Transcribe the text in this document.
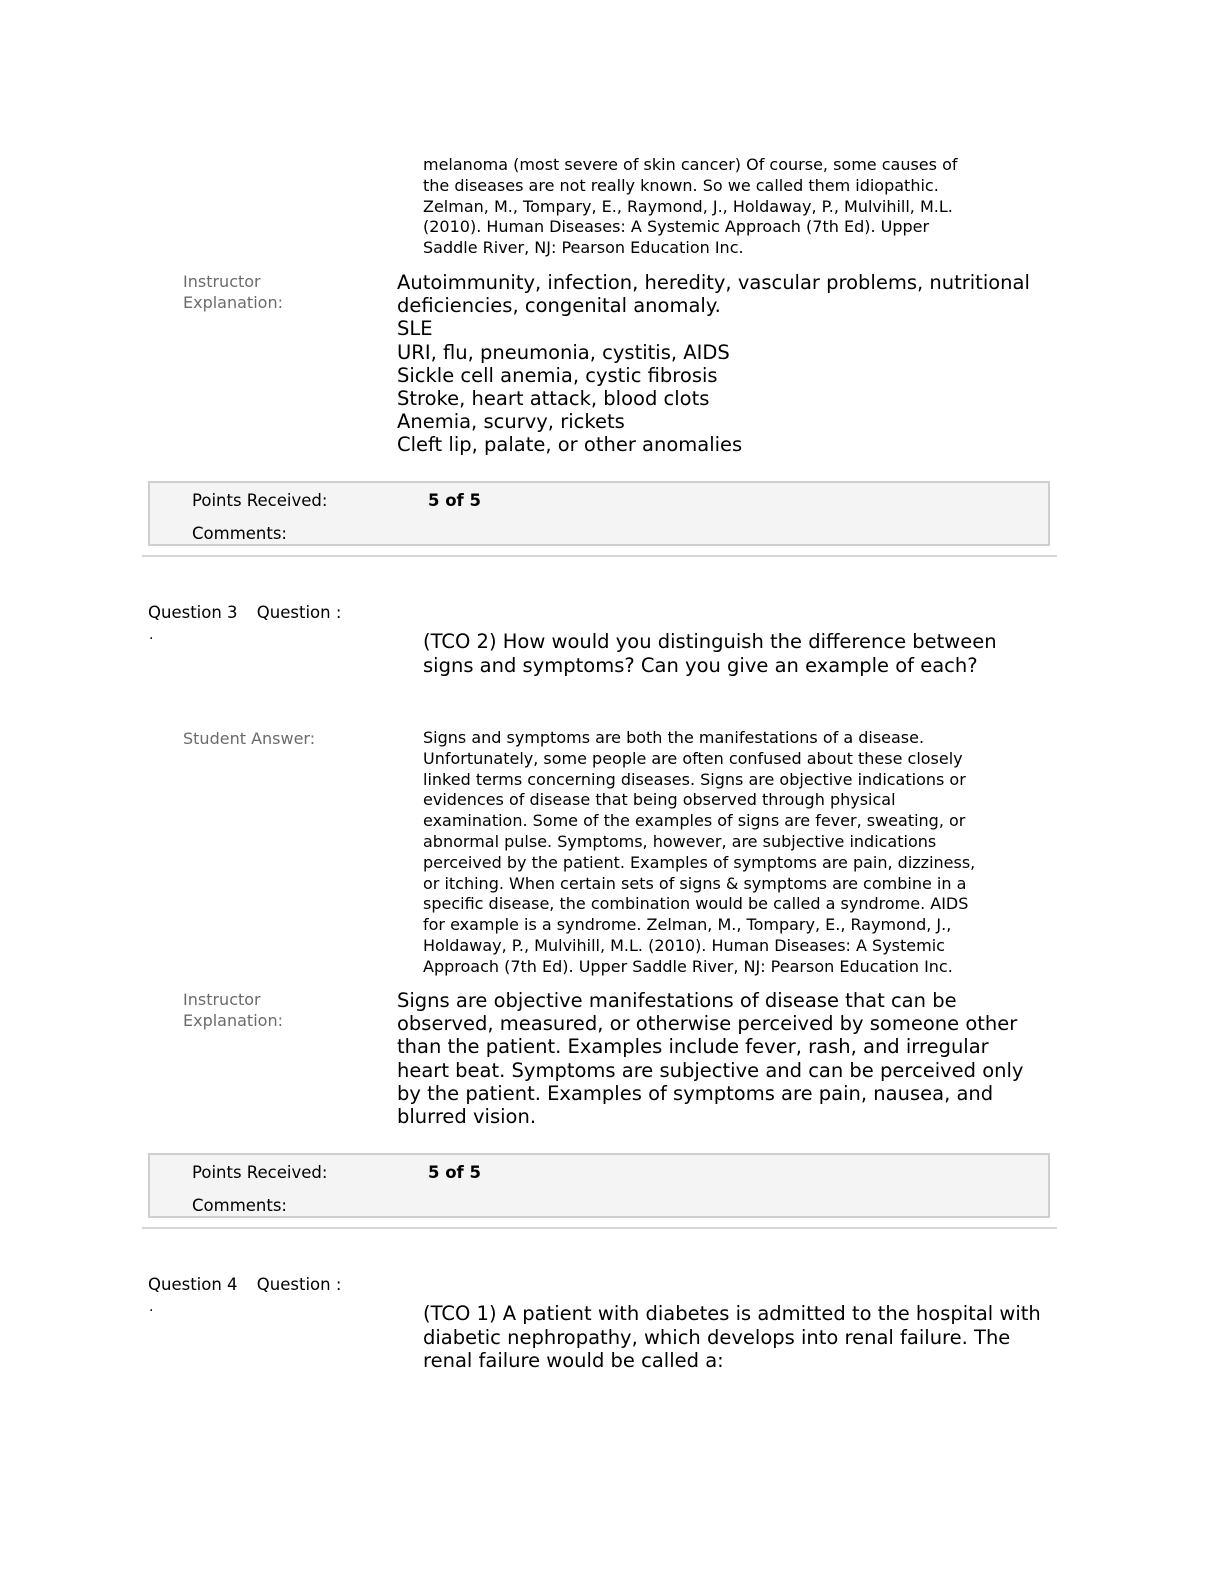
melanoma (most severe of skin cancer) Of course, some causes of
the diseases are not really known. So we called them idiopathic.
Zelman, M., Tompary, E., Raymond, J., Holdaway, P., Mulvihill, M.L.
(2010). Human Diseases: A Systemic Approach (7th Ed). Upper
Saddle River, NJ: Pearson Education Inc.
Instructor
Explanation:
Autoimmunity, infection, heredity, vascular problems, nutritional
deficiencies, congenital anomaly.
SLE
URI, flu, pneumonia, cystitis, AIDS
Sickle cell anemia, cystic fibrosis
Stroke, heart attack, blood clots
Anemia, scurvy, rickets
Cleft lip, palate, or other anomalies
Points Received:	5 of 5
Comments:
Question 3 Question :
.	(TCO 2) How would you distinguish the difference between
signs and symptoms? Can you give an example of each?
Student Answer:	Signs and symptoms are both the manifestations of a disease.
Unfortunately, some people are often confused about these closely
linked terms concerning diseases. Signs are objective indications or
evidences of disease that being observed through physical
examination. Some of the examples of signs are fever, sweating, or
abnormal pulse. Symptoms, however, are subjective indications
perceived by the patient. Examples of symptoms are pain, dizziness,
or itching. When certain sets of signs & symptoms are combine in a
specific disease, the combination would be called a syndrome. AIDS
for example is a syndrome. Zelman, M., Tompary, E., Raymond, J.,
Holdaway, P., Mulvihill, M.L. (2010). Human Diseases: A Systemic
Approach (7th Ed). Upper Saddle River, NJ: Pearson Education Inc.
Instructor
Explanation:
Signs are objective manifestations of disease that can be
observed, measured, or otherwise perceived by someone other
than the patient. Examples include fever, rash, and irregular
heart beat. Symptoms are subjective and can be perceived only
by the patient. Examples of symptoms are pain, nausea, and
blurred vision.
Points Received:	5 of 5
Comments:
Question 4 Question :
.	(TCO 1) A patient with diabetes is admitted to the hospital with
diabetic nephropathy, which develops into renal failure. The
renal failure would be called a:
